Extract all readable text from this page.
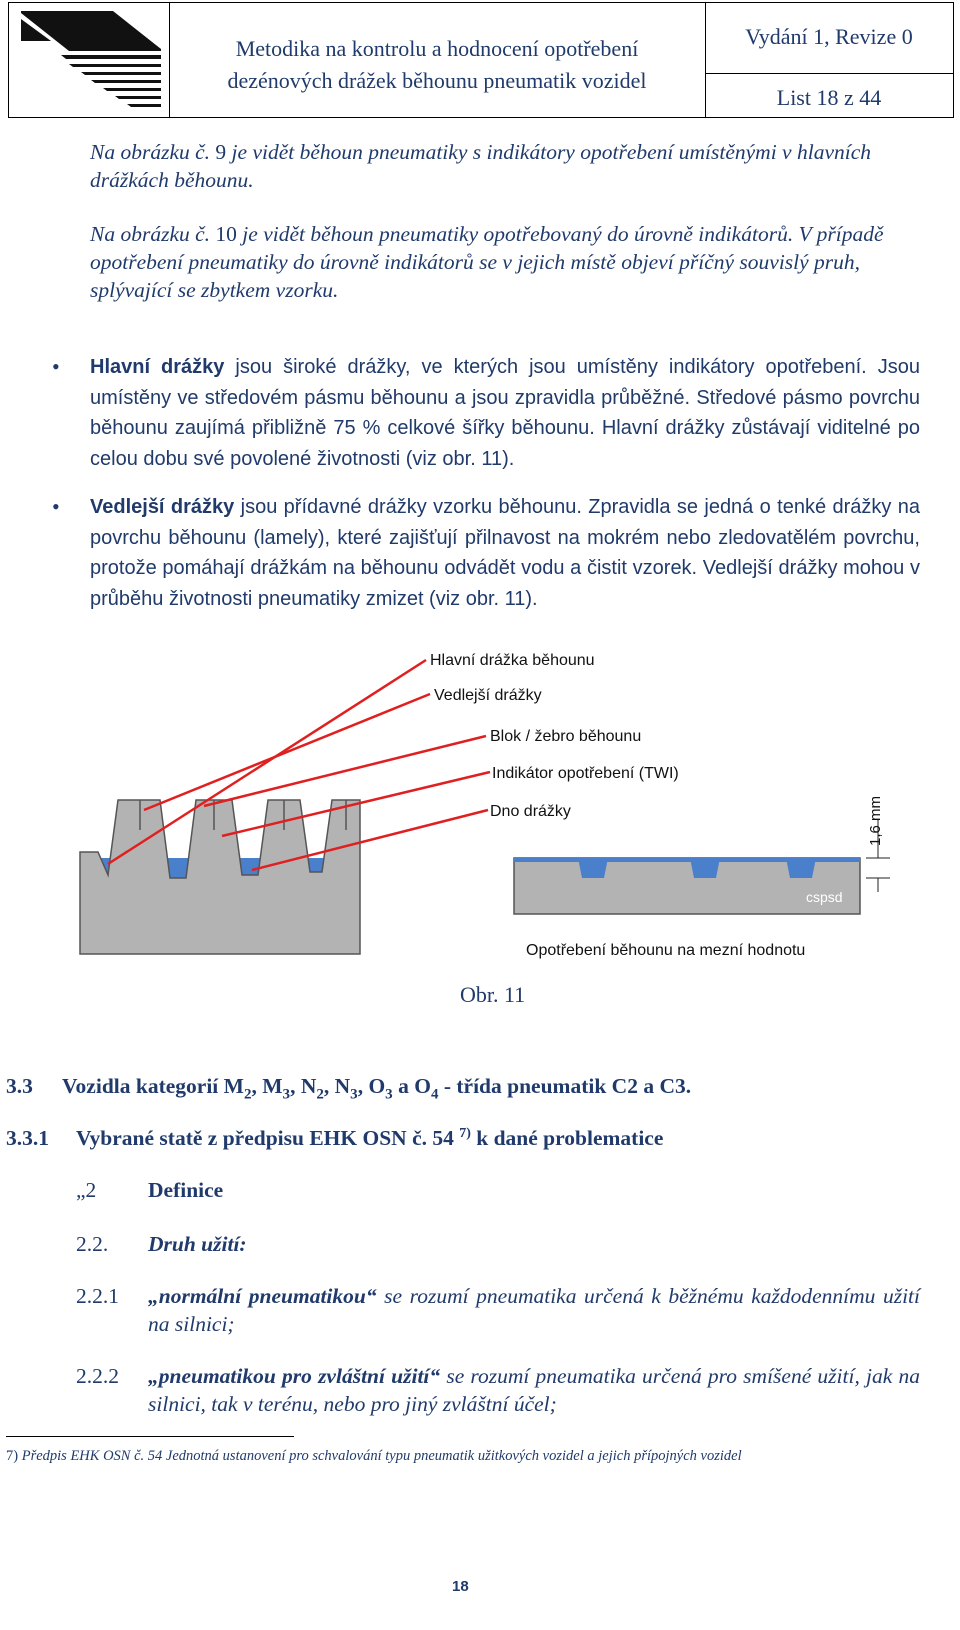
Metodika na kontrolu a hodnocení opotřebení
dezénových drážek běhounu pneumatik vozidel
Vydání 1, Revize 0
List 18 z 44
Na obrázku č. 9 je vidět běhoun pneumatiky s indikátory opotřebení umístěnými v hlavních drážkách běhounu.
Na obrázku č. 10 je vidět běhoun pneumatiky opotřebovaný do úrovně indikátorů. V případě opotřebení pneumatiky do úrovně indikátorů se v jejich místě objeví příčný souvislý pruh, splývající se zbytkem vzorku.
• Hlavní drážky jsou široké drážky, ve kterých jsou umístěny indikátory opotřebení. Jsou umístěny ve středovém pásmu běhounu a jsou zpravidla průběžné. Středové pásmo povrchu běhounu zaujímá přibližně 75 % celkové šířky běhounu. Hlavní drážky zůstávají viditelné po celou dobu své povolené životnosti (viz obr. 11).
• Vedlejší drážky jsou přídavné drážky vzorku běhounu. Zpravidla se jedná o tenké drážky na povrchu běhounu (lamely), které zajišťují přilnavost na mokrém nebo zledovatělém povrchu, protože pomáhají drážkám na běhounu odvádět vodu a čistit vzorek. Vedlejší drážky mohou v průběhu životnosti pneumatiky zmizet (viz obr. 11).
cspsd	cspsd
1,6 mm
Hlavní drážka běhounu
Vedlejší drážky
Blok / žebro běhounu
Indikátor opotřebení (TWI)
Dno drážky
Opotřebení běhounu na mezní hodnotu
Obr. 11
3.3 Vozidla kategorií $M_2$, $M_3$, $N_2$, $N_3$, $O_3$ a $O_4$ - třída pneumatik C2 a C3.
3.3.1 Vybrané statě z předpisu EHK OSN č. 54 $^{7)}$ k dané problematice
„2 Definice
2.2. Druh užití:
2.2.1 „normální pneumatikou“ se rozumí pneumatika určená k běžnému každodennímu užití na silnici;
2.2.2 „pneumatikou pro zvláštní užití“ se rozumí pneumatika určená pro smíšené užití, jak na silnici, tak v terénu, nebo pro jiný zvláštní účel;
7) Předpis EHK OSN č. 54 Jednotná ustanovení pro schvalování typu pneumatik užitkových vozidel a jejich přípojných vozidel
18
